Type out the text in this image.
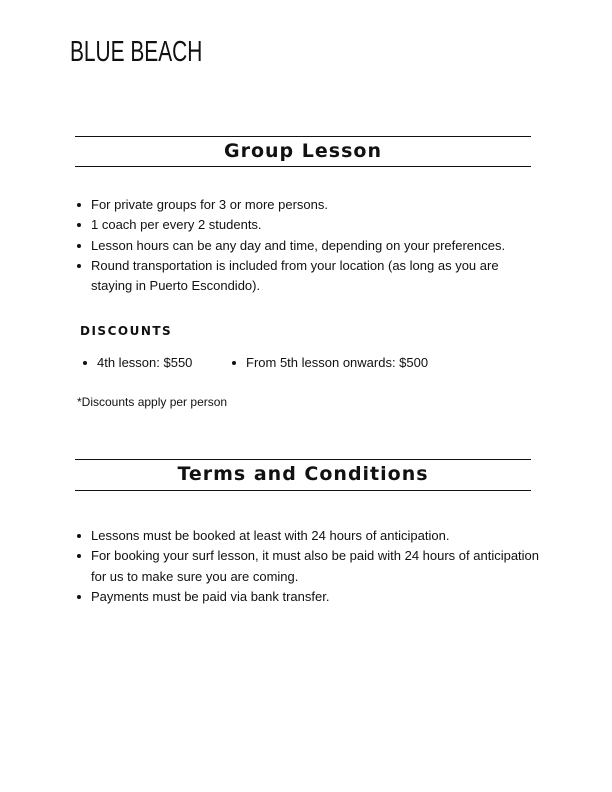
BLUE BEACH
Group Lesson
For private groups for 3 or more persons.
1 coach per every 2 students.
Lesson hours can be any day and time, depending on your preferences.
Round transportation is included from your location (as long as you are staying in Puerto Escondido).
DISCOUNTS
4th lesson: $550	From 5th lesson onwards: $500
*Discounts apply per person
Terms and Conditions
Lessons must be booked at least with 24 hours of anticipation.
For booking your surf lesson, it must also be paid with 24 hours of anticipation for us to make sure you are coming.
Payments must be paid via bank transfer.
